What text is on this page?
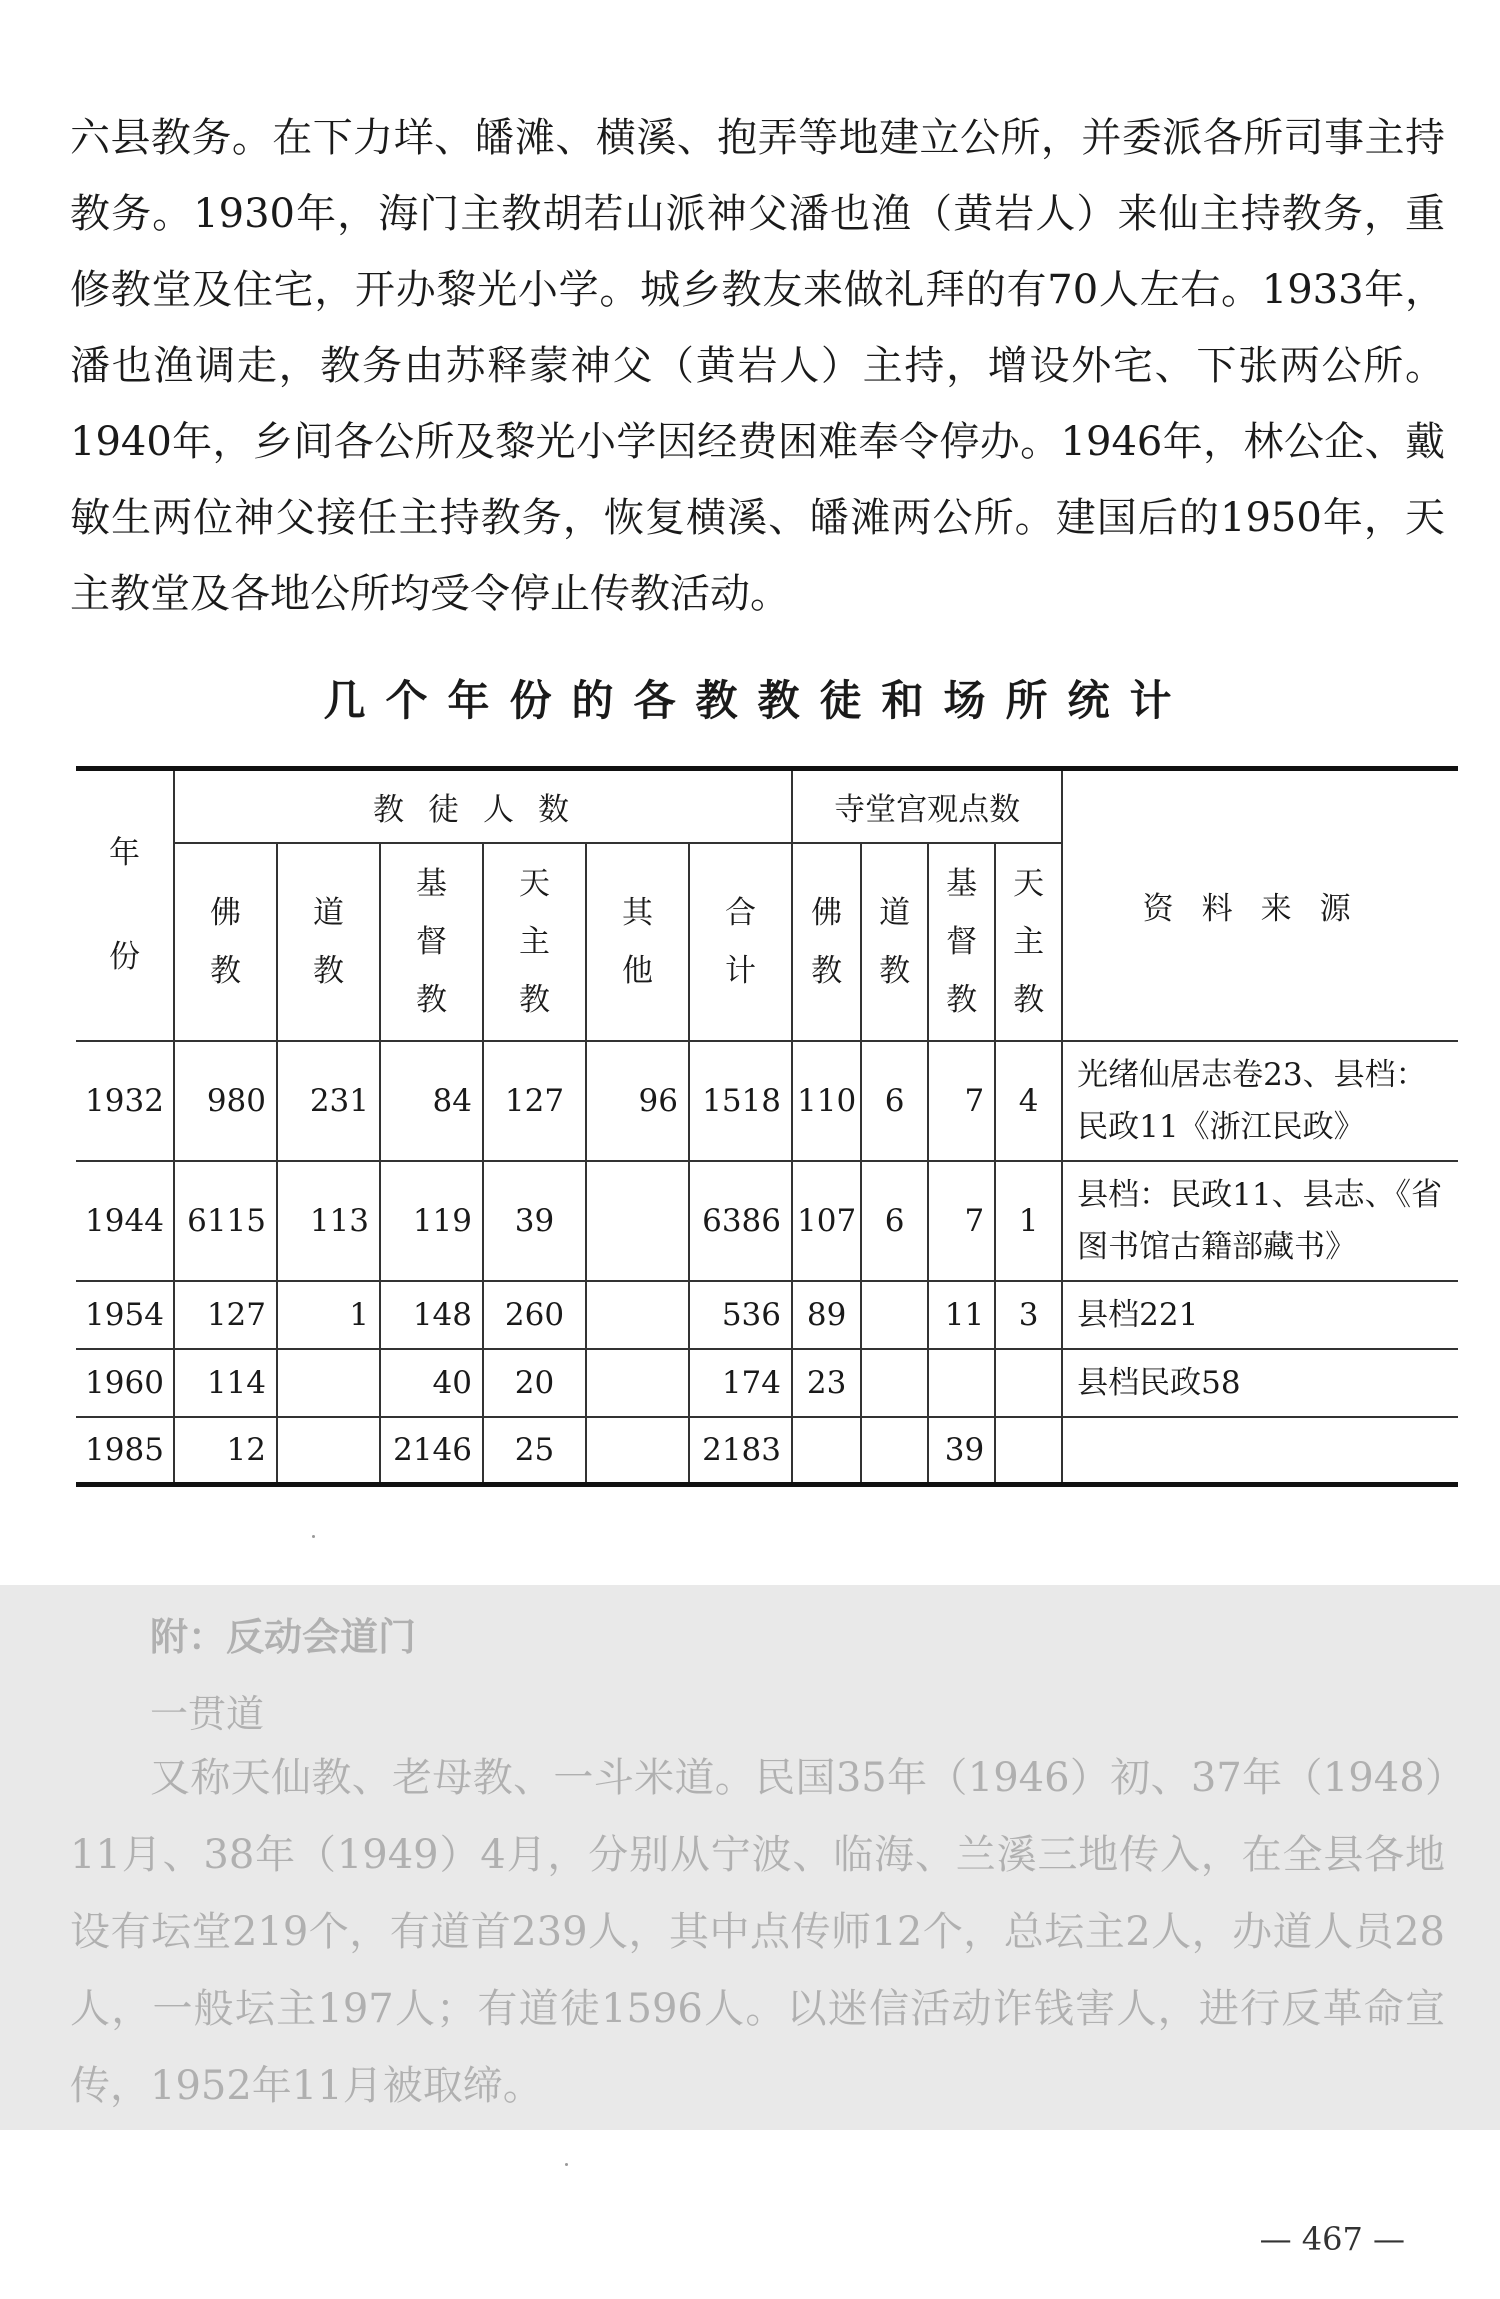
六县教务。在下力垟、皤滩、横溪、抱弄等地建立公所，并委派各所司事主持教务。1930年，海门主教胡若山派神父潘也渔（黄岩人）来仙主持教务，重修教堂及住宅，开办黎光小学。城乡教友来做礼拜的有70人左右。1933年，潘也渔调走，教务由苏释蒙神父（黄岩人）主持，增设外宅、下张两公所。1940年，乡间各公所及黎光小学因经费困难奉令停办。1946年，林公企、戴敏生两位神父接任主持教务，恢复横溪、皤滩两公所。建国后的1950年，天主教堂及各地公所均受令停止传教活动。

几个年份的各教教徒和场所统计
年份	教徒人数						寺堂宫观点数				资料来源
	佛教	道教	基督教	天主教	其他	合计	佛教	道教	基督教	天主教	
1932	980	231	84	127	96	1518	110	6	7	4	光绪仙居志卷23、县档：民政11《浙江民政》
1944	6115	113	119	39		6386	107	6	7	1	县档：民政11、县志、《省图书馆古籍部藏书》
1954	127	1	148	260		536	89		11	3	县档221
1960	114		40	20		174	23				县档民政58
1985	12		2146	25		2183			39		
附：反动会道门

一贯道

又称天仙教、老母教、一斗米道。民国35年（1946）初、37年（1948）11月、38年（1949）4月，分别从宁波、临海、兰溪三地传入，在全县各地设有坛堂219个，有道首239人，其中点传师12个，总坛主2人，办道人员28人，一般坛主197人；有道徒1596人。以迷信活动诈钱害人，进行反革命宣传，1952年11月被取缔。

— 467 —
